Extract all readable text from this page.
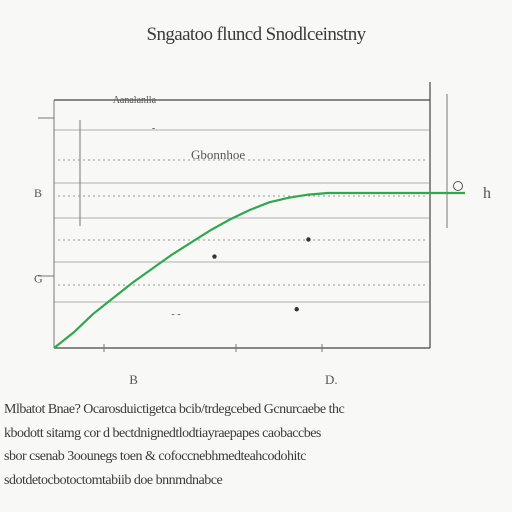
Sngaatoo fluncd Snodlceinstny
B	D.
B
G
Aanalanlla
Gbonnhoe
-
- -
h
Mlbatot Bnae? Ocarosduictigetca bcib/trdegcebed Gcnurcaebe thc
kbodott sitamg cor d bectdnignedtlodtiayraepapes caobaccbes
sbor csenab 3oounegs toen & cofoccnebhmedteahcodohitc
sdotdetocbotoctomtabiib doe bnnmdnabce
